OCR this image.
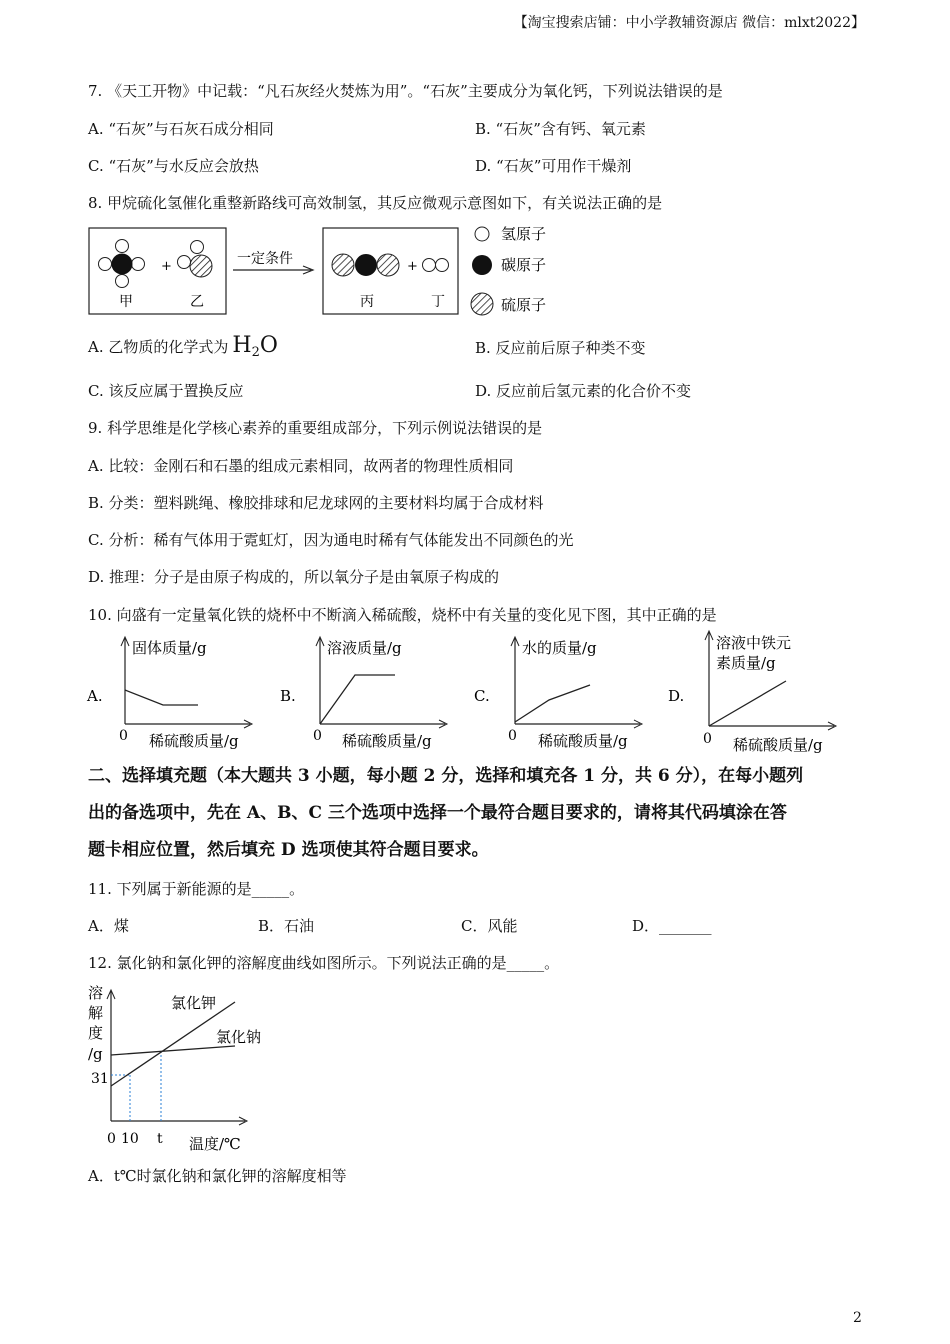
【淘宝搜索店铺：中小学教辅资源店 微信：mlxt2022】
7. 《天工开物》中记载：“凡石灰经火焚炼为用”。“石灰”主要成分为氧化钙，下列说法错误的是
A. “石灰”与石灰石成分相同	B. “石灰”含有钙、氧元素
C. “石灰”与水反应会放热	D. “石灰”可用作干燥剂
8. 甲烷硫化氢催化重整新路线可高效制氢，其反应微观示意图如下，有关说法正确的是
+
甲	乙
一定条件	+
丙	丁
氢原子
碳原子
硫原子
A. 乙物质的化学式为 $H_2O$	B. 反应前后原子种类不变
C. 该反应属于置换反应	D. 反应前后氢元素的化合价不变
9. 科学思维是化学核心素养的重要组成部分，下列示例说法错误的是
A. 比较：金刚石和石墨的组成元素相同，故两者的物理性质相同
B. 分类：塑料跳绳、橡胶排球和尼龙球网的主要材料均属于合成材料
C. 分析：稀有气体用于霓虹灯，因为通电时稀有气体能发出不同颜色的光
D. 推理：分子是由原子构成的，所以氧分子是由氧原子构成的
10. 向盛有一定量氧化铁的烧杯中不断滴入稀硫酸，烧杯中有关量的变化见下图，其中正确的是
A.
固体质量/g
0 稀硫酸质量/g
B.
溶液质量/g
0 稀硫酸质量/g
C.
水的质量/g
0 稀硫酸质量/g
D.
溶液中铁元
素质量/g
0 稀硫酸质量/g
二、选择填充题（本大题共 3 小题，每小题 2 分，选择和填充各 1 分，共 6 分），在每小题列
出的备选项中，先在 A、B、C 三个选项中选择一个最符合题目要求的，请将其代码填涂在答
题卡相应位置，然后填充 D 选项使其符合题目要求。
11. 下列属于新能源的是_____。
A．煤	B．石油	C．风能	D．_______
12. 氯化钠和氯化钾的溶解度曲线如图所示。下列说法正确的是_____。
溶
解
度
/g
氯化钾
氯化钠
31
0 10 t 温度/℃
A．t℃时氯化钠和氯化钾的溶解度相等
2
